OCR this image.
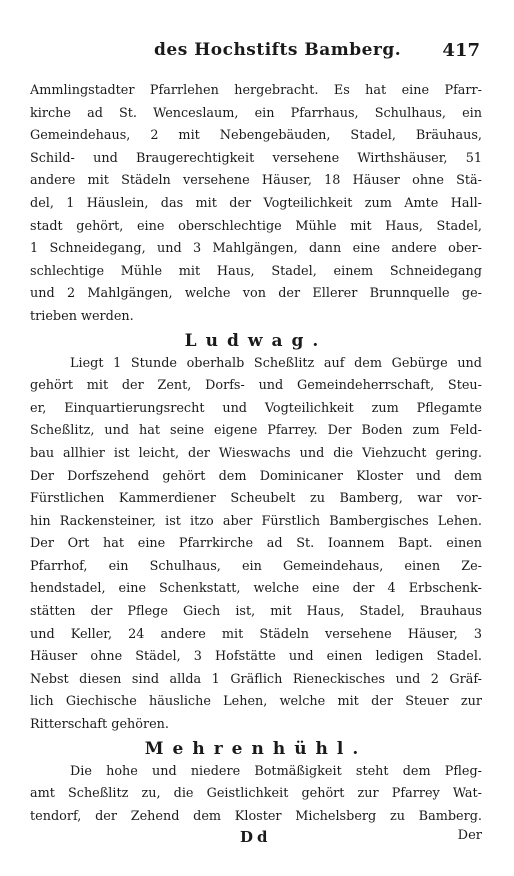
des Hochstifts Bamberg. 417
Ammlingstadter Pfarrlehen hergebracht. Es hat eine Pfarr-
kirche ad St. Wenceslaum, ein Pfarrhaus, Schulhaus, ein
Gemeindehaus, 2 mit Nebengebäuden, Stadel, Bräuhaus,
Schild- und Braugerechtigkeit versehene Wirthshäuser, 51
andere mit Städeln versehene Häuser, 18 Häuser ohne Stä-
del, 1 Häuslein, das mit der Vogteilichkeit zum Amte Hall-
stadt gehört, eine oberschlechtige Mühle mit Haus, Stadel,
1 Schneidegang, und 3 Mahlgängen, dann eine andere ober-
schlechtige Mühle mit Haus, Stadel, einem Schneidegang
und 2 Mahlgängen, welche von der Ellerer Brunnquelle ge-
trieben werden.
Ludwag.
Liegt 1 Stunde oberhalb Scheßlitz auf dem Gebürge und
gehört mit der Zent, Dorfs- und Gemeindeherrschaft, Steu-
er, Einquartierungsrecht und Vogteilichkeit zum Pflegamte
Scheßlitz, und hat seine eigene Pfarrey. Der Boden zum Feld-
bau allhier ist leicht, der Wieswachs und die Viehzucht gering.
Der Dorfszehend gehört dem Dominicaner Kloster und dem
Fürstlichen Kammerdiener Scheubelt zu Bamberg, war vor-
hin Rackensteiner, ist itzo aber Fürstlich Bambergisches Lehen.
Der Ort hat eine Pfarrkirche ad St. Ioannem Bapt. einen
Pfarrhof, ein Schulhaus, ein Gemeindehaus, einen Ze-
hendstadel, eine Schenkstatt, welche eine der 4 Erbschenk-
stätten der Pflege Giech ist, mit Haus, Stadel, Brauhaus
und Keller, 24 andere mit Städeln versehene Häuser, 3
Häuser ohne Städel, 3 Hofstätte und einen ledigen Stadel.
Nebst diesen sind allda 1 Gräflich Rieneckisches und 2 Gräf-
lich Giechische häusliche Lehen, welche mit der Steuer zur
Ritterschaft gehören.
Mehrenhühl.
Die hohe und niedere Botmäßigkeit steht dem Pfleg-
amt Scheßlitz zu, die Geistlichkeit gehört zur Pfarrey Wat-
tendorf, der Zehend dem Kloster Michelsberg zu Bamberg.
Dd	Der
